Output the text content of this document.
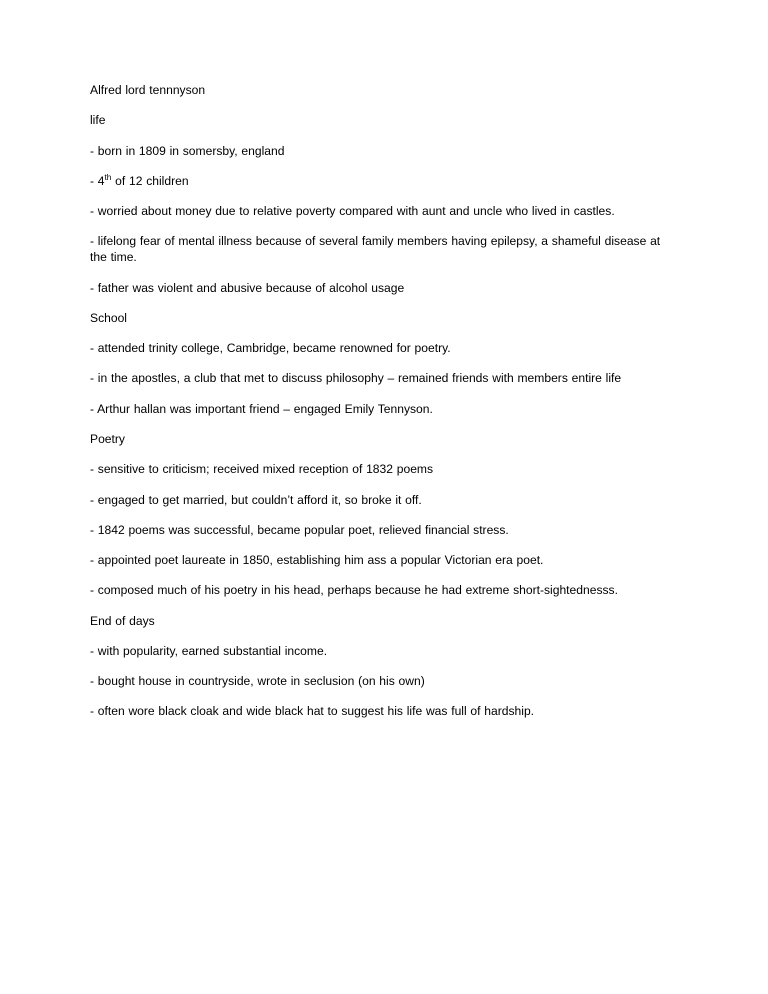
Alfred lord tennnyson

life

- born in 1809 in somersby, england

- 4th of 12 children

- worried about money due to relative poverty compared with aunt and uncle who lived in castles.

- lifelong fear of mental illness because of several family members having epilepsy, a shameful disease at the time.

- father was violent and abusive because of alcohol usage

School

- attended trinity college, Cambridge, became renowned for poetry.

- in the apostles, a club that met to discuss philosophy – remained friends with members entire life

- Arthur hallan was important friend – engaged Emily Tennyson.

Poetry

- sensitive to criticism; received mixed reception of 1832 poems

- engaged to get married, but couldn’t afford it, so broke it off.

- 1842 poems was successful, became popular poet, relieved financial stress.

- appointed poet laureate in 1850, establishing him ass a popular Victorian era poet.

- composed much of his poetry in his head, perhaps because he had extreme short-sightednesss.

End of days

- with popularity, earned substantial income.

- bought house in countryside, wrote in seclusion (on his own)

- often wore black cloak and wide black hat to suggest his life was full of hardship.
